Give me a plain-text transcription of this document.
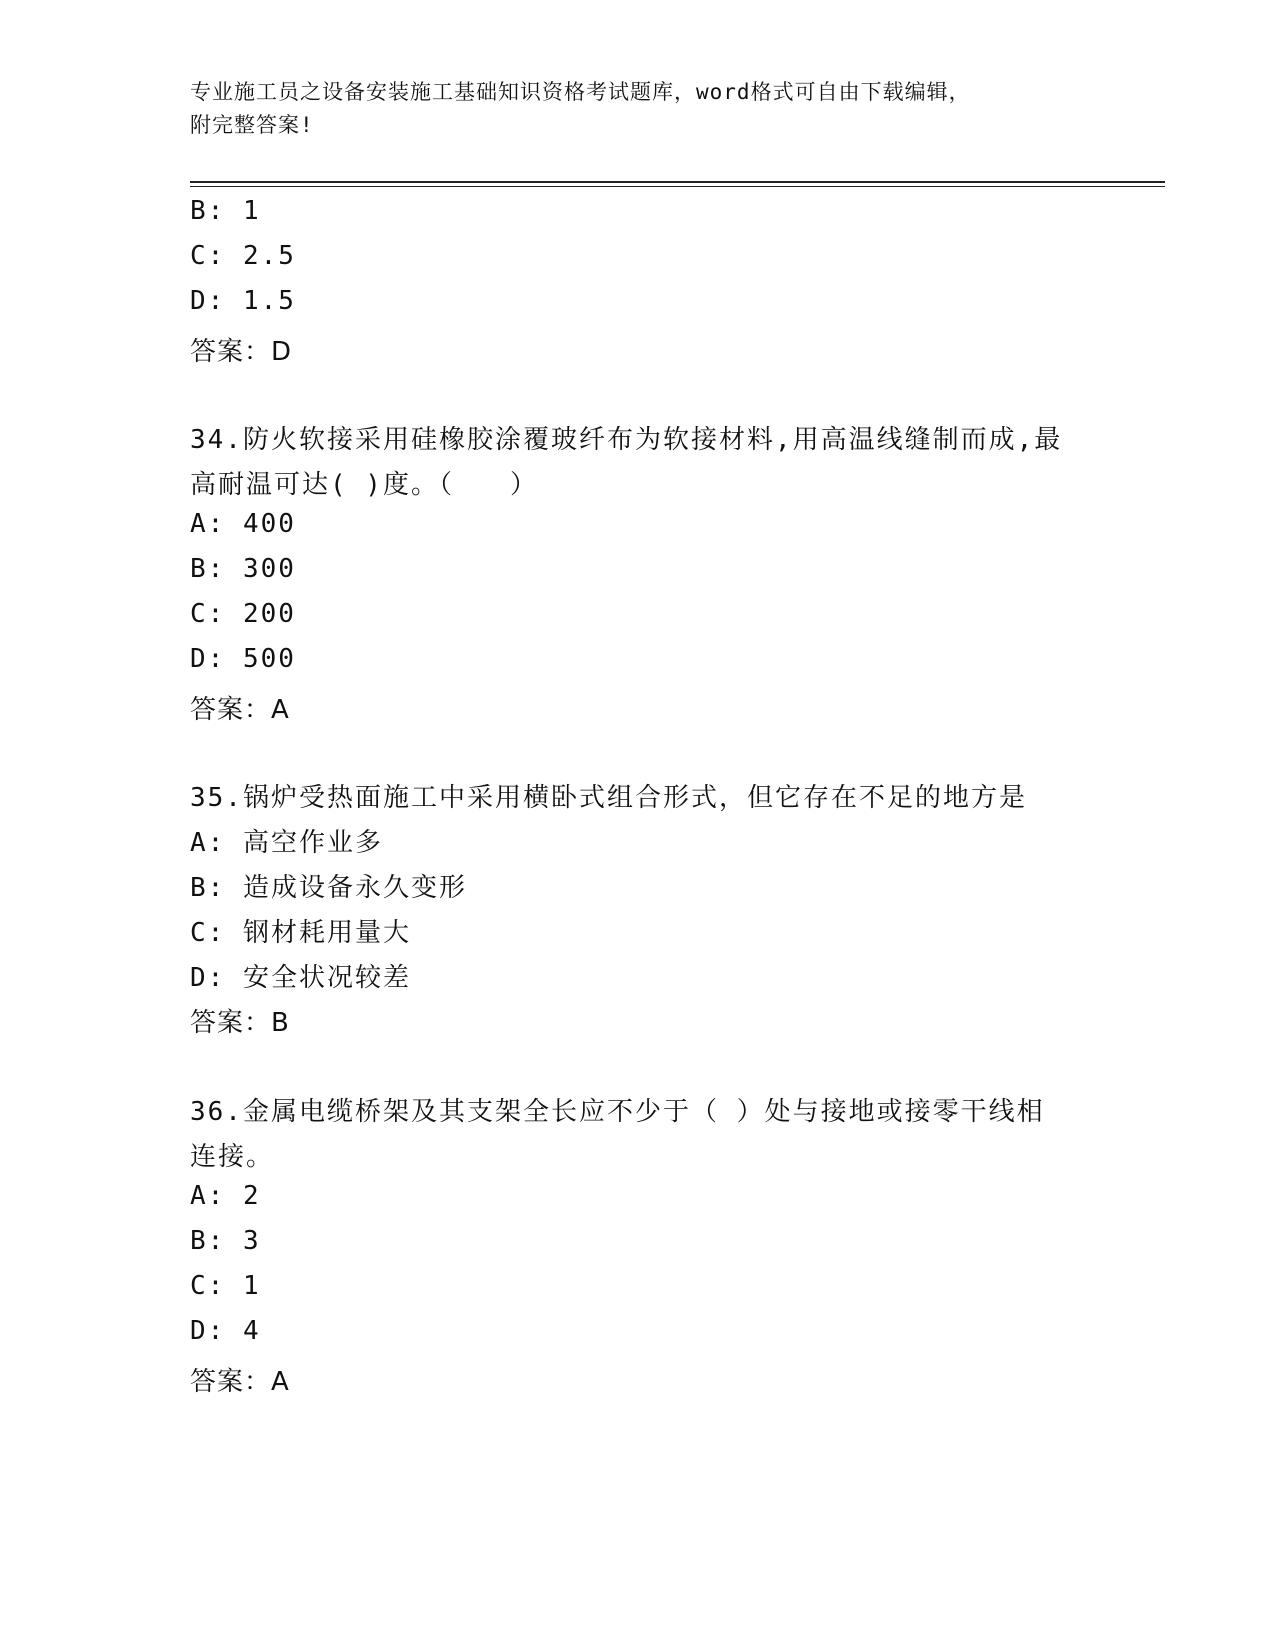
专业施工员之设备安装施工基础知识资格考试题库，word格式可自由下载编辑，
附完整答案!
B: 1
C: 2.5
D: 1.5
答案：D
34.防火软接采用硅橡胶涂覆玻纤布为软接材料,用高温线缝制而成,最
高耐温可达( )度。（　　）
A: 400
B: 300
C: 200
D: 500
答案：A
35.锅炉受热面施工中采用横卧式组合形式，但它存在不足的地方是
A: 高空作业多
B: 造成设备永久变形
C: 钢材耗用量大
D: 安全状况较差
答案：B
36.金属电缆桥架及其支架全长应不少于（ ）处与接地或接零干线相
连接。
A: 2
B: 3
C: 1
D: 4
答案：A
